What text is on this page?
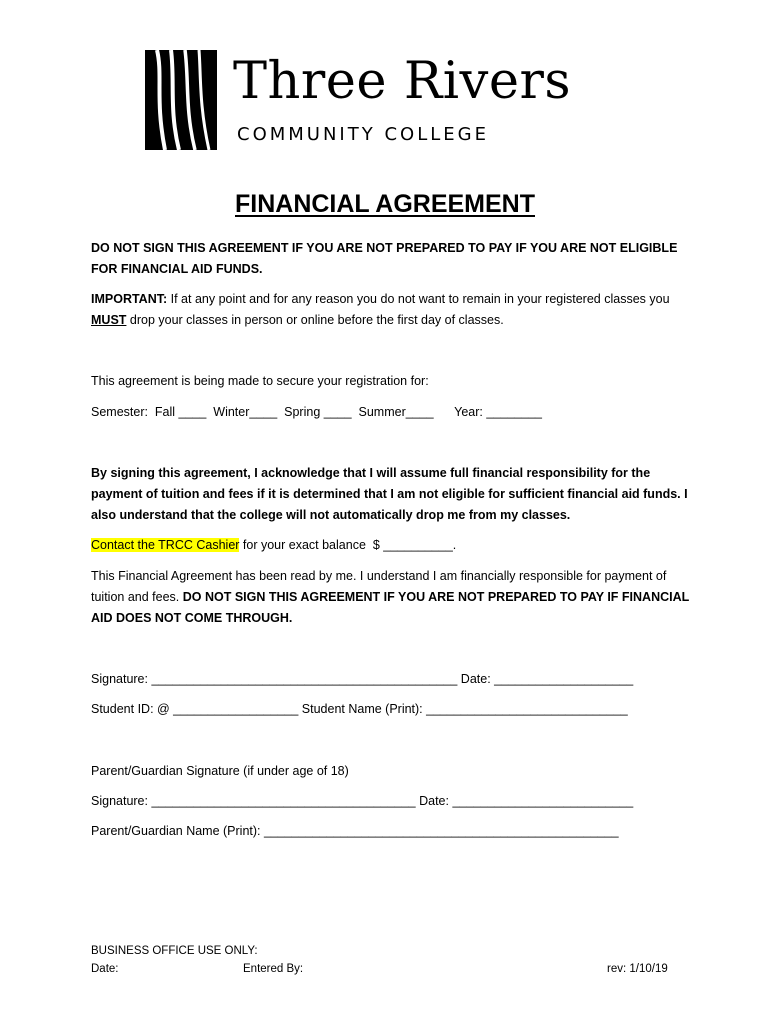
Three Rivers
COMMUNITY COLLEGE
FINANCIAL AGREEMENT
DO NOT SIGN THIS AGREEMENT IF YOU ARE NOT PREPARED TO PAY IF YOU ARE NOT ELIGIBLE FOR FINANCIAL AID FUNDS.
IMPORTANT: If at any point and for any reason you do not want to remain in your registered classes you MUST drop your classes in person or online before the first day of classes.
This agreement is being made to secure your registration for:
Semester:  Fall ____  Winter____  Spring ____  Summer____      Year: ________
By signing this agreement, I acknowledge that I will assume full financial responsibility for the payment of tuition and fees if it is determined that I am not eligible for sufficient financial aid funds. I also understand that the college will not automatically drop me from my classes.
Contact the TRCC Cashier for your exact balance  $ __________.
This Financial Agreement has been read by me. I understand I am financially responsible for payment of tuition and fees. DO NOT SIGN THIS AGREEMENT IF YOU ARE NOT PREPARED TO PAY IF FINANCIAL AID DOES NOT COME THROUGH.
Signature: ____________________________________________ Date: ____________________
Student ID: @ __________________ Student Name (Print): _____________________________
Parent/Guardian Signature (if under age of 18)
Signature: ______________________________________ Date: __________________________
Parent/Guardian Name (Print): ___________________________________________________
BUSINESS OFFICE USE ONLY:
Date:	Entered By:	rev: 1/10/19
